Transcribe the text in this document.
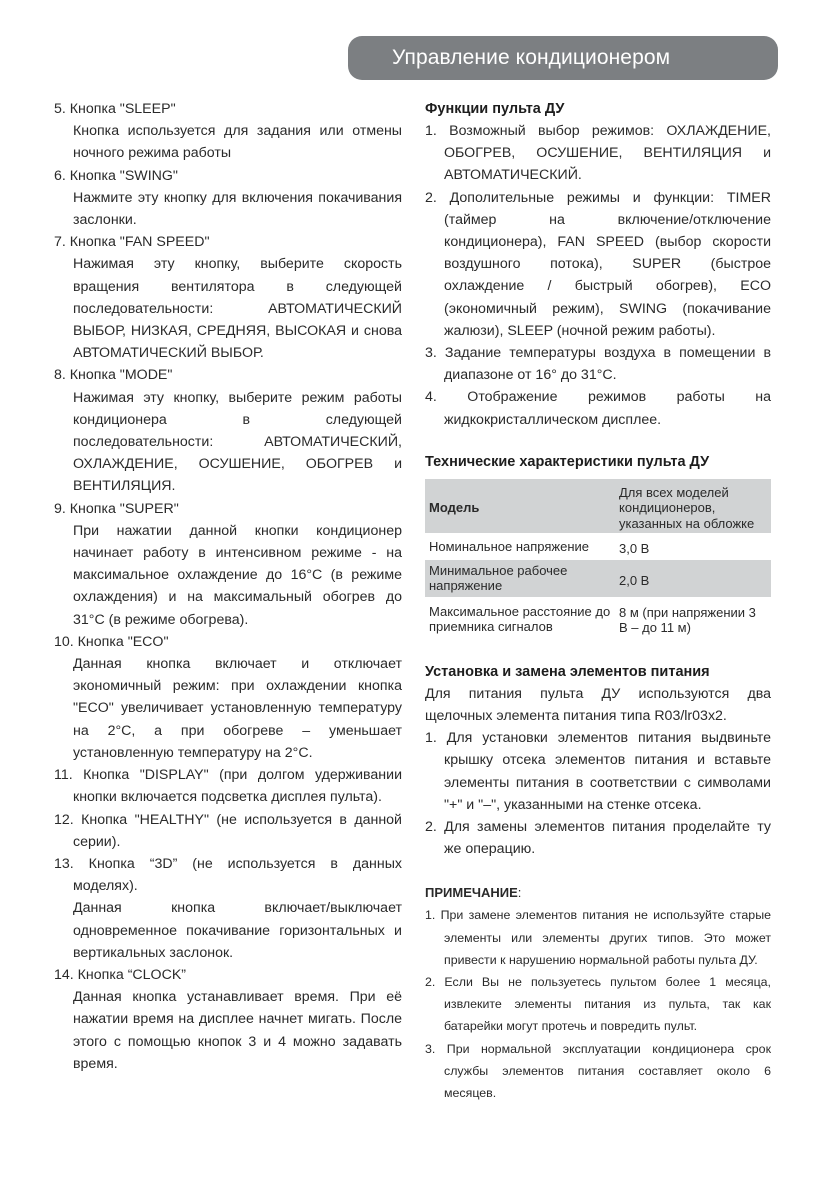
Управление кондиционером
5. Кнопка "SLEEP"
Кнопка используется для задания или отмены ночного режима работы
6. Кнопка "SWING"
Нажмите эту кнопку для включения покачивания заслонки.
7. Кнопка "FAN SPEED"
Нажимая эту кнопку, выберите скорость вращения вентилятора в следующей последовательности: АВТОМАТИЧЕСКИЙ ВЫБОР, НИЗКАЯ, СРЕДНЯЯ, ВЫСОКАЯ и снова АВТОМАТИЧЕСКИЙ ВЫБОР.
8. Кнопка "MODE"
Нажимая эту кнопку, выберите режим работы кондиционера в следующей последовательности: АВТОМАТИЧЕСКИЙ, ОХЛАЖДЕНИЕ, ОСУШЕНИЕ, ОБОГРЕВ и ВЕНТИЛЯЦИЯ.
9. Кнопка "SUPER"
При нажатии данной кнопки кондиционер начинает работу в интенсивном режиме - на максимальное охлаждение до 16°C (в режиме охлаждения) и на максимальный обогрев до 31°C (в режиме обогрева).
10. Кнопка "ECO"
Данная кнопка включает и отключает экономичный режим: при охлаждении кнопка "ECO" увеличивает установленную температуру на 2°C, а при обогреве – уменьшает установленную температуру на 2°C.
11. Кнопка "DISPLAY" (при долгом удерживании кнопки включается подсветка дисплея пульта).
12. Кнопка "HEALTHY" (не используется в данной серии).
13. Кнопка “3D” (не используется в данных моделях).
Данная кнопка включает/выключает одновременное покачивание горизонтальных и вертикальных заслонок.
14. Кнопка “CLOCK”
Данная кнопка устанавливает время. При её нажатии время на дисплее начнет мигать. После этого с помощью кнопок 3 и 4 можно задавать время.
Функции пульта ДУ
1. Возможный выбор режимов: ОХЛАЖДЕНИЕ, ОБОГРЕВ, ОСУШЕНИЕ, ВЕНТИЛЯЦИЯ и АВТОМАТИЧЕСКИЙ.
2. Дополительные режимы и функции: TIMER (таймер на включение/отключение кондиционера), FAN SPEED (выбор скорости воздушного потока), SUPER (быстрое охлаждение / быстрый обогрев), ECO (экономичный режим), SWING (покачивание жалюзи), SLEEP (ночной режим работы).
3. Задание температуры воздуха в помещении в диапазоне от 16° до 31°C.
4. Отображение режимов работы на жидкокристаллическом дисплее.
Технические характеристики пульта ДУ
Модель	Для всех моделей кондиционеров, указанных на обложке
Номинальное напряжение	3,0 В
Минимальное рабочее напряжение	2,0 В
Максимальное расстояние до приемника сигналов	8 м (при напряжении 3 В – до 11 м)
Установка и замена элементов питания
Для питания пульта ДУ используются два щелочных элемента питания типа R03/lr03x2.
1. Для установки элементов питания выдвиньте крышку отсека элементов питания и вставьте элементы питания в соответствии с символами "+" и "–", указанными на стенке отсека.
2. Для замены элементов питания проделайте ту же операцию.
ПРИМЕЧАНИЕ:

1. При замене элементов питания не используйте старые элементы или элементы других типов. Это может привести к нарушению нормальной работы пульта ДУ.

2. Если Вы не пользуетесь пультом более 1 месяца, извлеките элементы питания из пульта, так как батарейки могут протечь и повредить пульт.

3. При нормальной эксплуатации кондиционера срок службы элементов питания составляет около 6 месяцев.
